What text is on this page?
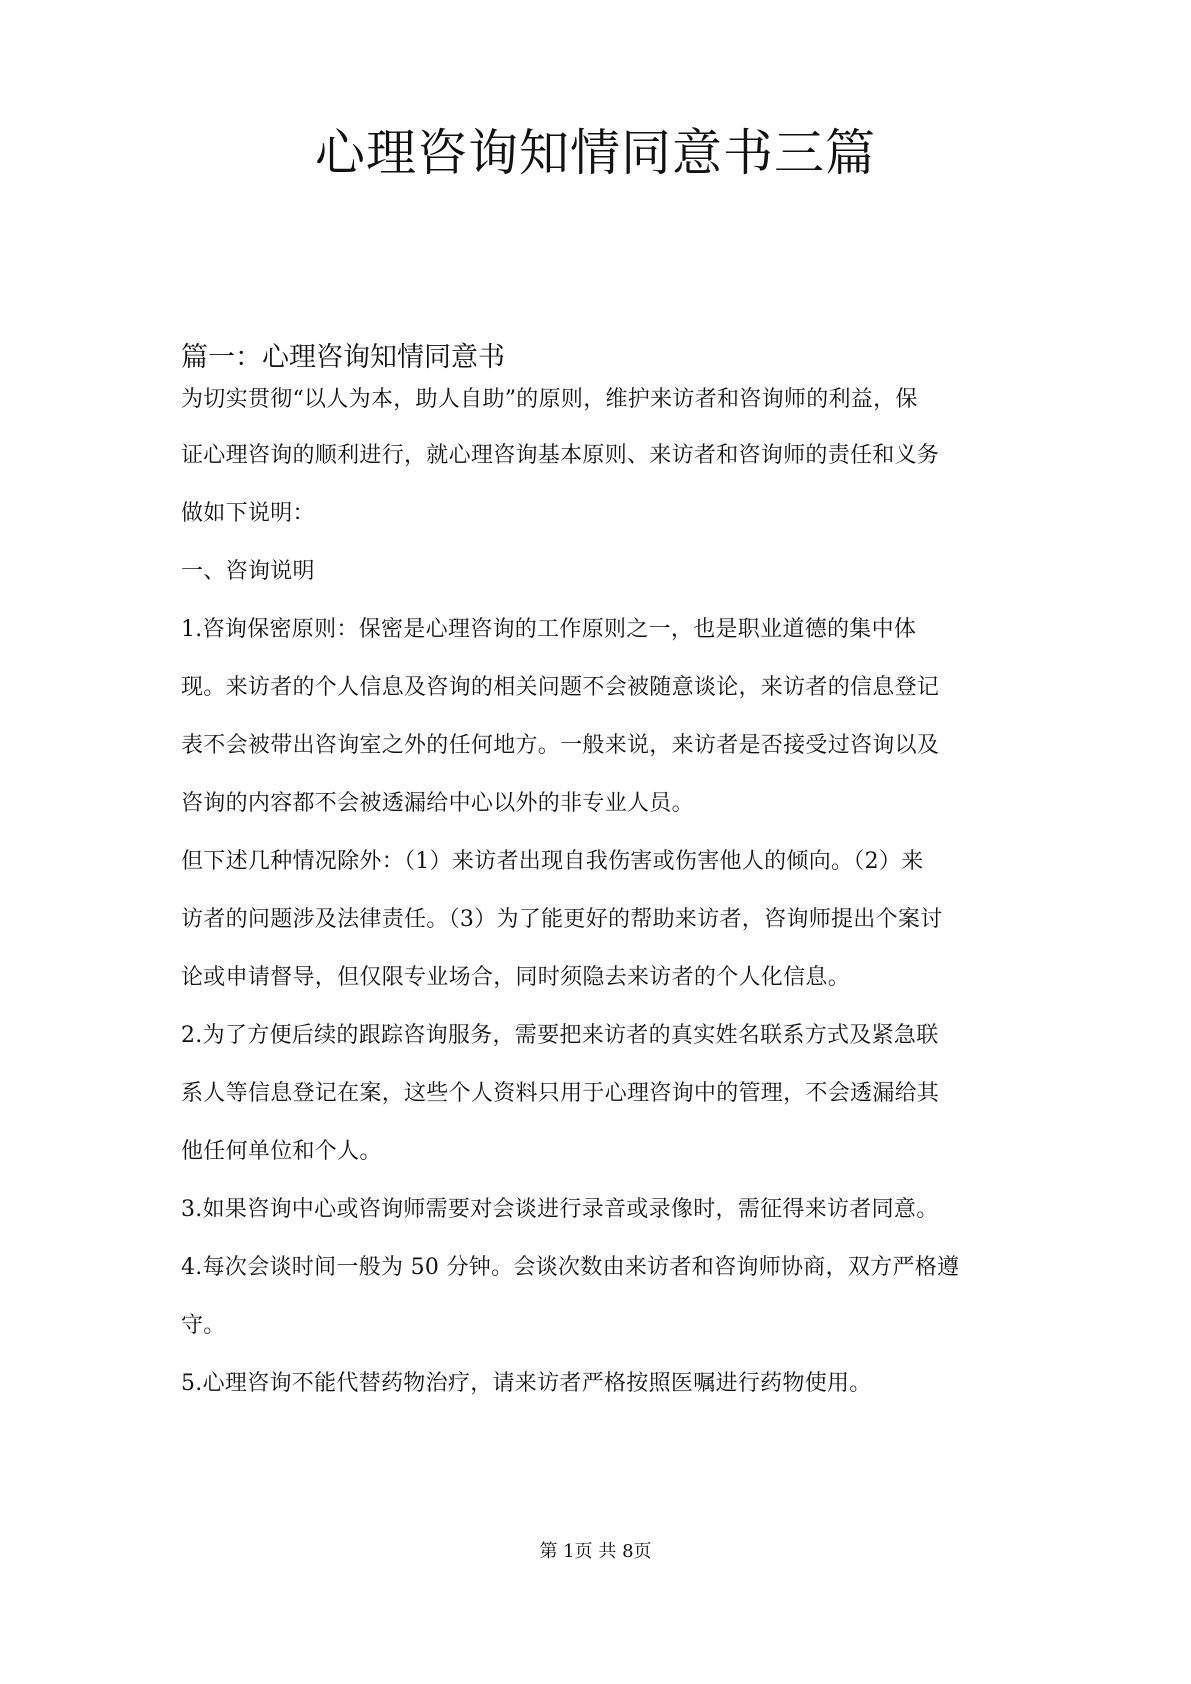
心理咨询知情同意书三篇
篇一：心理咨询知情同意书
为切实贯彻“以人为本，助人自助”的原则，维护来访者和咨询师的利益，保
证心理咨询的顺利进行，就心理咨询基本原则、来访者和咨询师的责任和义务
做如下说明：
一、咨询说明
1.咨询保密原则：保密是心理咨询的工作原则之一，也是职业道德的集中体
现。来访者的个人信息及咨询的相关问题不会被随意谈论，来访者的信息登记
表不会被带出咨询室之外的任何地方。一般来说，来访者是否接受过咨询以及
咨询的内容都不会被透漏给中心以外的非专业人员。
但下述几种情况除外：（1）来访者出现自我伤害或伤害他人的倾向。（2）来
访者的问题涉及法律责任。（3）为了能更好的帮助来访者，咨询师提出个案讨
论或申请督导，但仅限专业场合，同时须隐去来访者的个人化信息。
2.为了方便后续的跟踪咨询服务，需要把来访者的真实姓名联系方式及紧急联
系人等信息登记在案，这些个人资料只用于心理咨询中的管理，不会透漏给其
他任何单位和个人。
3.如果咨询中心或咨询师需要对会谈进行录音或录像时，需征得来访者同意。
4.每次会谈时间一般为 50 分钟。会谈次数由来访者和咨询师协商，双方严格遵
守。
5.心理咨询不能代替药物治疗，请来访者严格按照医嘱进行药物使用。
第 1页 共 8页
